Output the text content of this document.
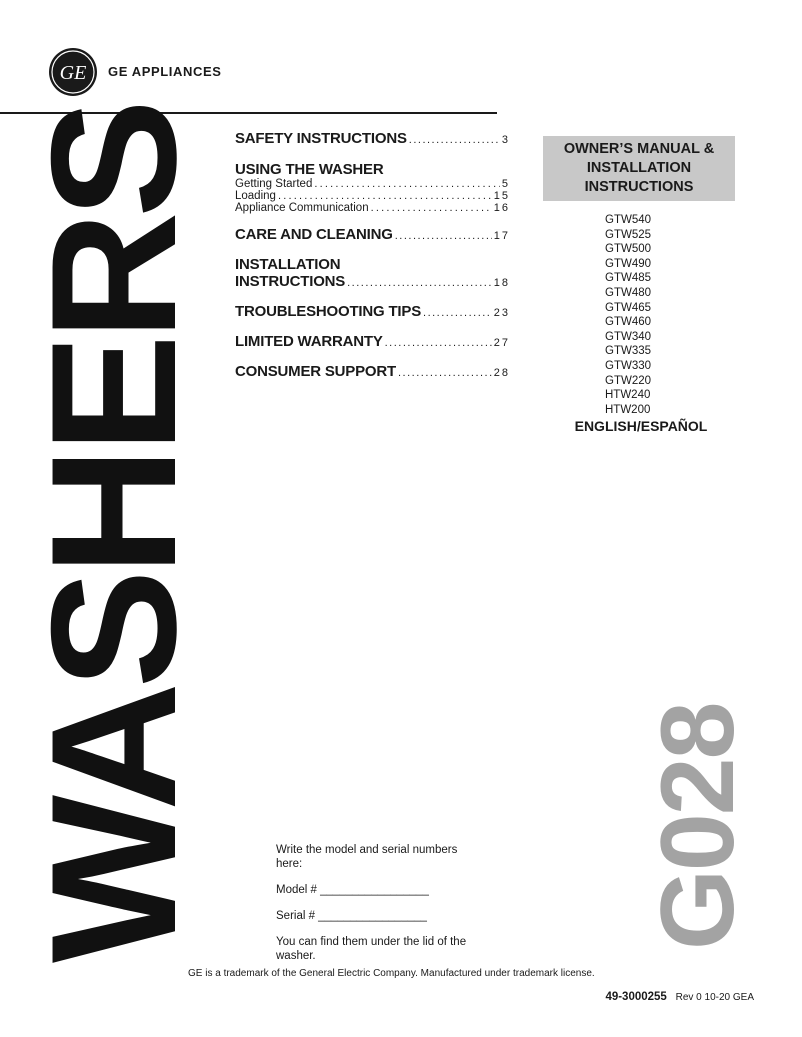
GE GE APPLIANCES
WASHERS	G028
SAFETY INSTRUCTIONS .....	3
USING THE WASHER
Getting Started .....	5
Loading .....	15
Appliance Communication .....	16
CARE AND CLEANING .....	17
INSTALLATION
INSTRUCTIONS .....	18
TROUBLESHOOTING TIPS .....	23
LIMITED WARRANTY .....	27
CONSUMER SUPPORT .....	28
OWNER’S MANUAL &
INSTALLATION
INSTRUCTIONS
GTW540
GTW525
GTW500
GTW490
GTW485
GTW480
GTW465
GTW460
GTW340
GTW335
GTW330
GTW220
HTW240
HTW200
ENGLISH/ESPAÑOL

Write the model and serial numbers here:

Model # _________________

Serial # _________________

You can find them under the lid of the washer.

GE is a trademark of the General Electric Company. Manufactured under trademark license.
49-3000255 Rev 0 10-20 GEA
